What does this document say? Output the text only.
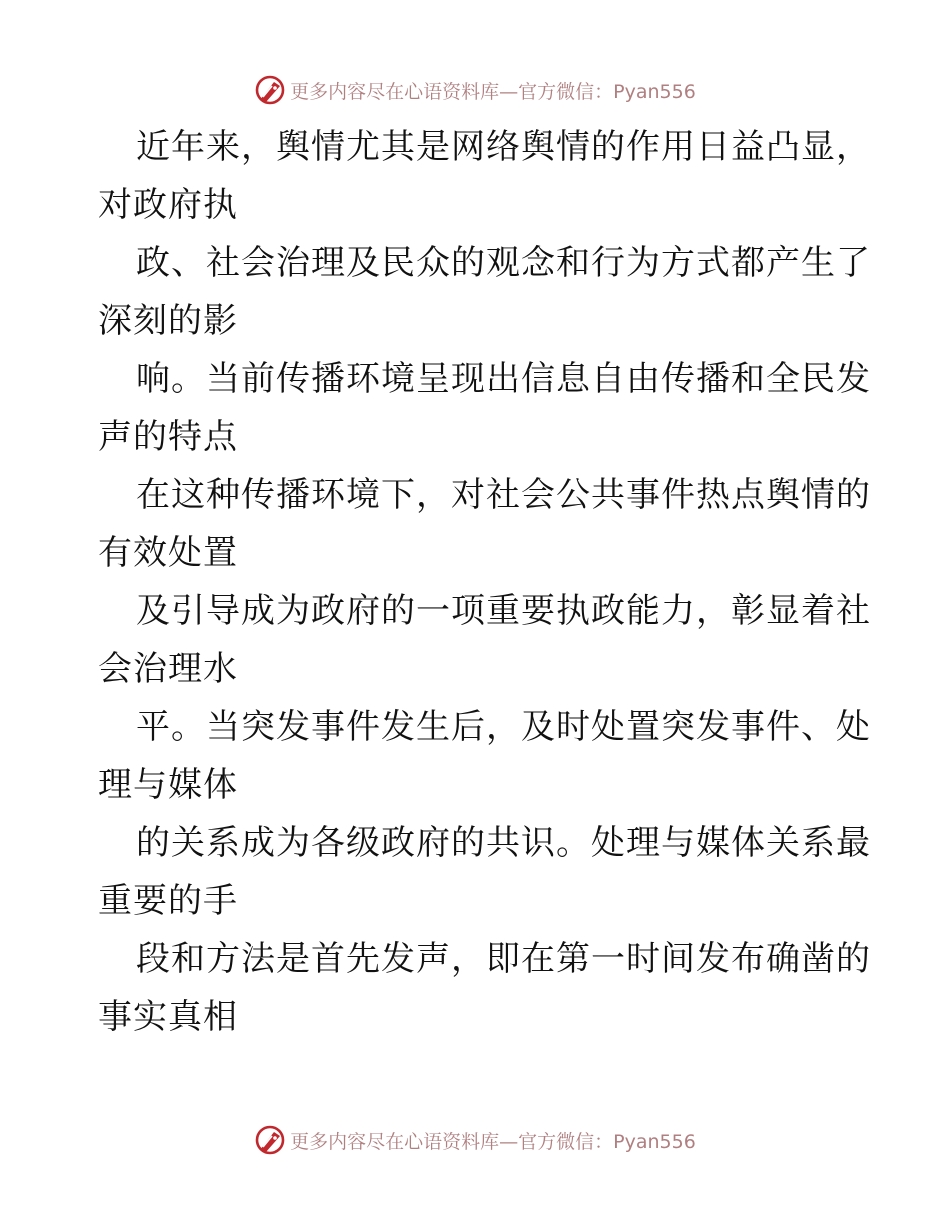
更多内容尽在心语资料库—官方微信：Pyan556
近年来，舆情尤其是网络舆情的作用日益凸显，
对政府执
政、社会治理及民众的观念和行为方式都产生了
深刻的影
响。当前传播环境呈现出信息自由传播和全民发
声的特点
在这种传播环境下，对社会公共事件热点舆情的
有效处置
及引导成为政府的一项重要执政能力，彰显着社
会治理水
平。当突发事件发生后，及时处置突发事件、处
理与媒体
的关系成为各级政府的共识。处理与媒体关系最
重要的手
段和方法是首先发声，即在第一时间发布确凿的
事实真相
更多内容尽在心语资料库—官方微信：Pyan556
